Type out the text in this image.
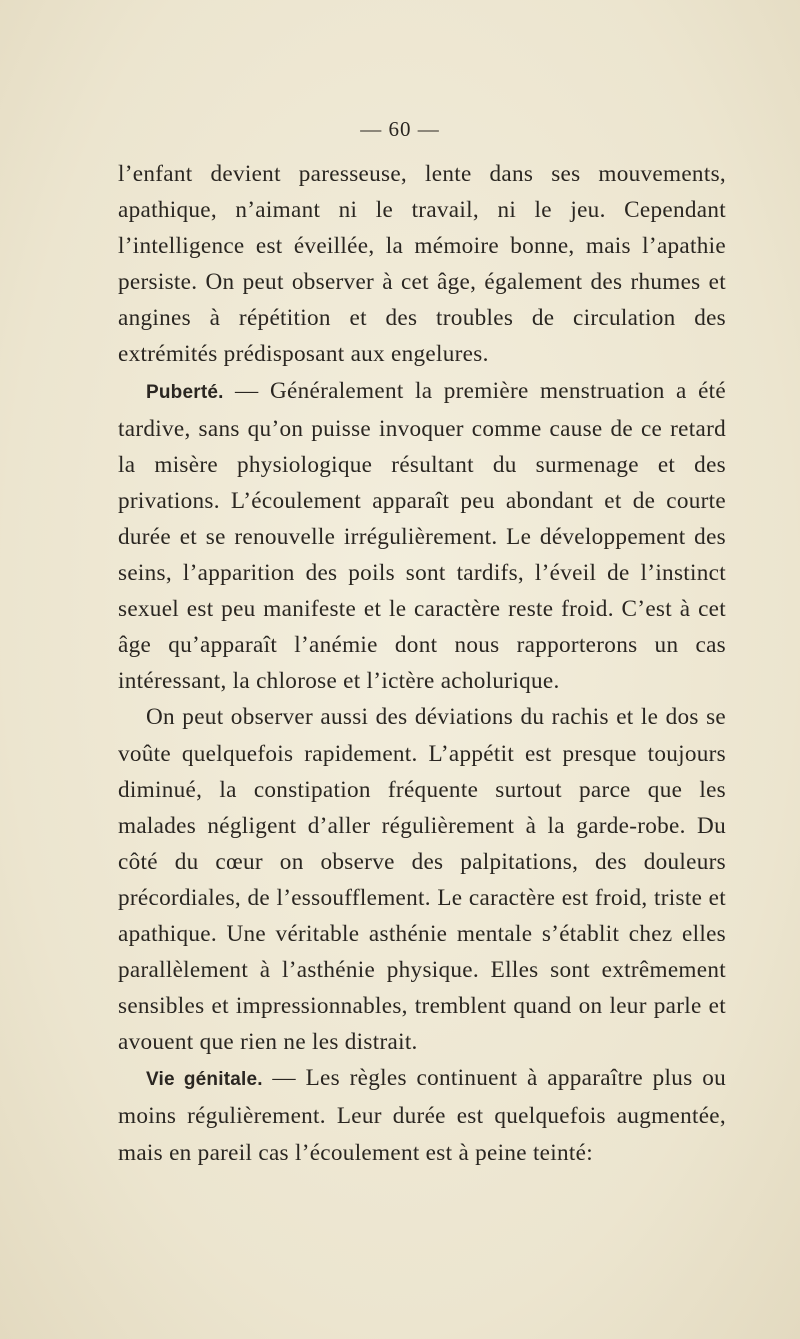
— 60 —

l’enfant devient paresseuse, lente dans ses mouvements, apathique, n’aimant ni le travail, ni le jeu. Cependant l’intelligence est éveillée, la mémoire bonne, mais l’apathie persiste. On peut observer à cet âge, également des rhumes et angines à répétition et des troubles de circulation des extrémités prédisposant aux engelures.

Puberté. — Généralement la première menstruation a été tardive, sans qu’on puisse invoquer comme cause de ce retard la misère physiologique résultant du surmenage et des privations. L’écoulement apparaît peu abondant et de courte durée et se renouvelle irrégulièrement. Le développement des seins, l’apparition des poils sont tardifs, l’éveil de l’instinct sexuel est peu manifeste et le caractère reste froid. C’est à cet âge qu’apparaît l’anémie dont nous rapporterons un cas intéressant, la chlorose et l’ictère acholurique.

On peut observer aussi des déviations du rachis et le dos se voûte quelquefois rapidement. L’appétit est presque toujours diminué, la constipation fréquente surtout parce que les malades négligent d’aller régulièrement à la garde-robe. Du côté du cœur on observe des palpitations, des douleurs précordiales, de l’essoufflement. Le caractère est froid, triste et apathique. Une véritable asthénie mentale s’établit chez elles parallèlement à l’asthénie physique. Elles sont extrêmement sensibles et impressionnables, tremblent quand on leur parle et avouent que rien ne les distrait.

Vie génitale. — Les règles continuent à apparaître plus ou moins régulièrement. Leur durée est quelquefois augmentée, mais en pareil cas l’écoulement est à peine teinté:
